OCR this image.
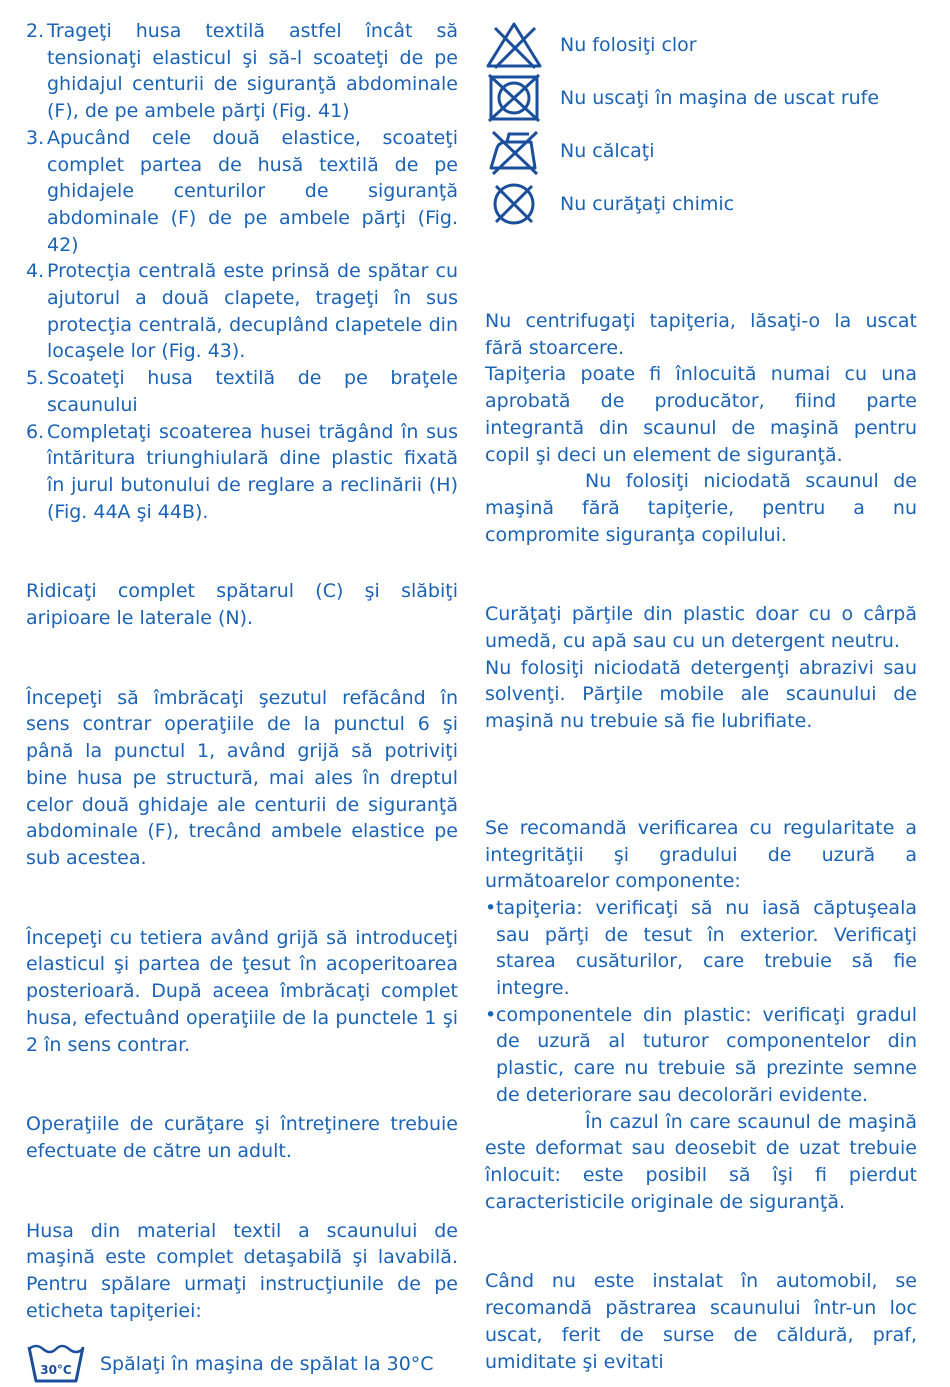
2. Trageţi husa textilă astfel încât să tensionaţi elasticul şi să-l scoateţi de pe ghidajul centurii de siguranţă abdominale (F), de pe ambele părţi (Fig. 41)
3. Apucând cele două elastice, scoateţi complet partea de husă textilă de pe ghidajele centurilor de siguranţă abdominale (F) de pe ambele părţi (Fig. 42)
4. Protecţia centrală este prinsă de spătar cu ajutorul a două clapete, trageţi în sus protecţia centrală, decuplând clapetele din locaşele lor (Fig. 43).
5. Scoateţi husa textilă de pe braţele scaunului
6. Completaţi scoaterea husei trăgând în sus întăritura triunghiulară dine plastic fixată în jurul butonului de reglare a reclinării (H) (Fig. 44A şi 44B).

Ridicaţi complet spătarul (C) şi slăbiţi aripioare le laterale (N).

Începeţi să îmbrăcaţi şezutul refăcând în sens contrar operaţiile de la punctul 6 şi până la punctul 1, având grijă să potriviţi bine husa pe structură, mai ales în dreptul celor două ghidaje ale centurii de siguranţă abdominale (F), trecând ambele elastice pe sub acestea.

Începeţi cu tetiera având grijă să introduceţi elasticul şi partea de ţesut în acoperitoarea posterioară. După aceea îmbrăcaţi complet husa, efectuând operaţiile de la punctele 1 şi 2 în sens contrar.

Operaţiile de curăţare şi întreţinere trebuie efectuate de către un adult.

Husa din material textil a scaunului de maşină este complet detaşabilă şi lavabilă. Pentru spălare urmaţi instrucţiunile de pe eticheta tapiţeriei:

30°C Spălaţi în maşina de spălat la 30°C
Nu folosiţi clor
Nu uscaţi în maşina de uscat rufe
Nu călcaţi
Nu curăţaţi chimic

Nu centrifugaţi tapiţeria, lăsaţi-o la uscat fără stoarcere.

Tapiţeria poate fi înlocuită numai cu una aprobată de producător, fiind parte integrantă din scaunul de maşină pentru copil şi deci un element de siguranţă.

Nu folosiţi niciodată scaunul de maşină fără tapiţerie, pentru a nu compromite siguranţa copilului.

Curăţaţi părţile din plastic doar cu o cârpă umedă, cu apă sau cu un detergent neutru.

Nu folosiţi niciodată detergenţi abrazivi sau solvenţi. Părţile mobile ale scaunului de maşină nu trebuie să fie lubrifiate.

Se recomandă verificarea cu regularitate a integrităţii şi gradului de uzură a următoarelor componente:

• tapiţeria: verificaţi să nu iasă căptuşeala sau părţi de tesut în exterior. Verificaţi starea cusăturilor, care trebuie să fie integre.
• componentele din plastic: verificaţi gradul de uzură al tuturor componentelor din plastic, care nu trebuie să prezinte semne de deteriorare sau decolorări evidente.

În cazul în care scaunul de maşină este deformat sau deosebit de uzat trebuie înlocuit: este posibil să îşi fi pierdut caracteristicile originale de siguranţă.

Când nu este instalat în automobil, se recomandă păstrarea scaunului într-un loc uscat, ferit de surse de căldură, praf, umiditate şi evitati
